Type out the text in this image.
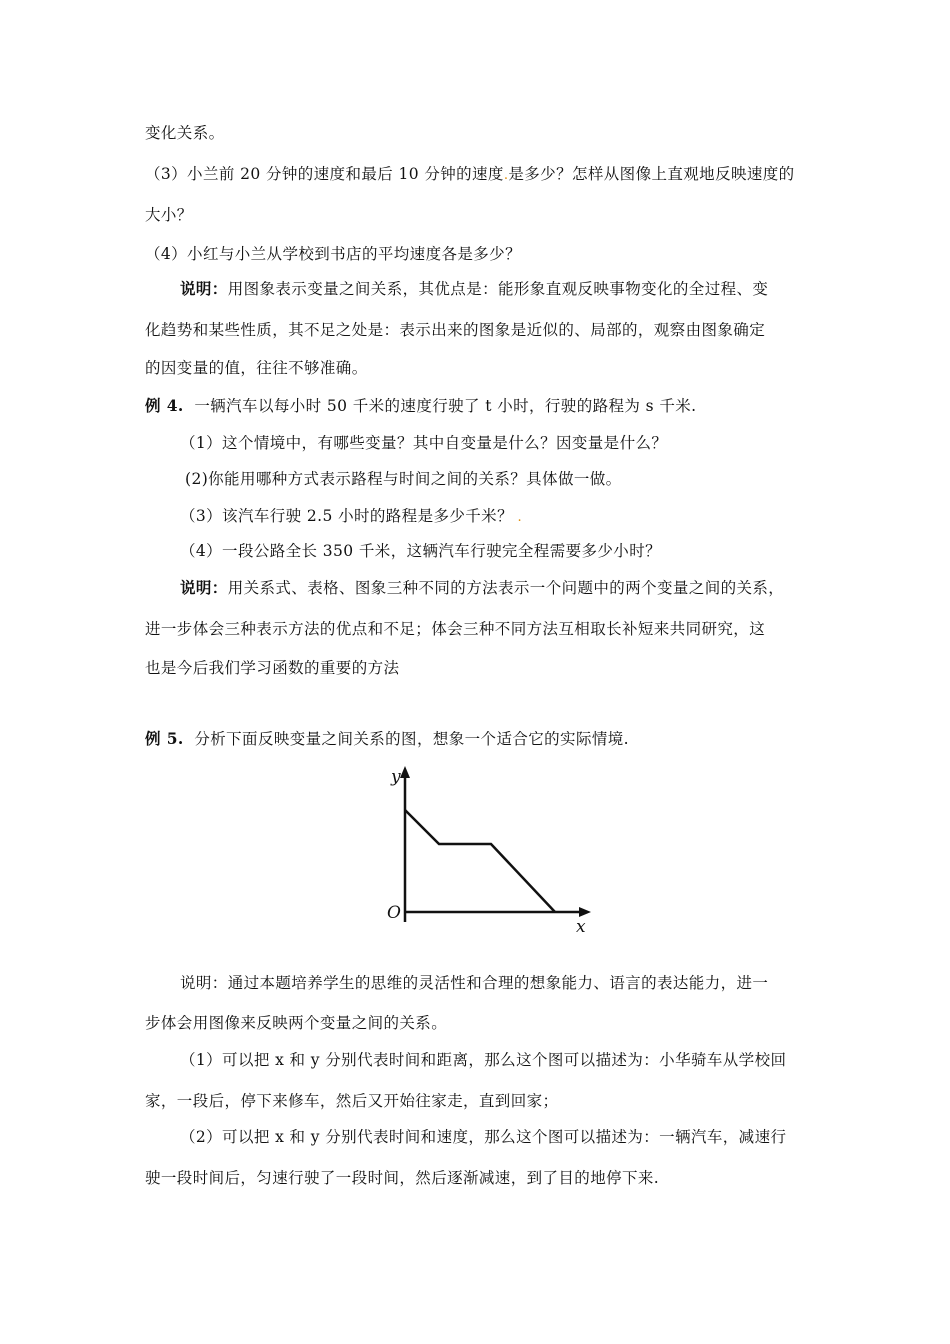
变化关系。
（3）小兰前 20 分钟的速度和最后 10 分钟的速度.是多少？怎样从图像上直观地反映速度的
大小？
（4）小红与小兰从学校到书店的平均速度各是多少？
说明：用图象表示变量之间关系，其优点是：能形象直观反映事物变化的全过程、变
化趋势和某些性质，其不足之处是：表示出来的图象是近似的、局部的，观察由图象确定
的因变量的值，往往不够准确。
例 4. 一辆汽车以每小时 50 千米的速度行驶了 t 小时，行驶的路程为 s 千米.
（1）这个情境中，有哪些变量？其中自变量是什么？因变量是什么？
(2)你能用哪种方式表示路程与时间之间的关系？具体做一做。
（3）该汽车行驶 2.5 小时的路程是多少千米？ .
（4）一段公路全长 350 千米，这辆汽车行驶完全程需要多少小时？
说明：用关系式、表格、图象三种不同的方法表示一个问题中的两个变量之间的关系，
进一步体会三种表示方法的优点和不足；体会三种不同方法互相取长补短来共同研究，这
也是今后我们学习函数的重要的方法
例 5. 分析下面反映变量之间关系的图，想象一个适合它的实际情境.
y
O
x
说明：通过本题培养学生的思维的灵活性和合理的想象能力、语言的表达能力，进一
步体会用图像来反映两个变量之间的关系。
（1）可以把 x 和 y 分别代表时间和距离，那么这个图可以描述为：小华骑车从学校回
家，一段后，停下来修车，然后又开始往家走，直到回家；
（2）可以把 x 和 y 分别代表时间和速度，那么这个图可以描述为：一辆汽车，减速行
驶一段时间后，匀速行驶了一段时间，然后逐渐减速，到了目的地停下来.
